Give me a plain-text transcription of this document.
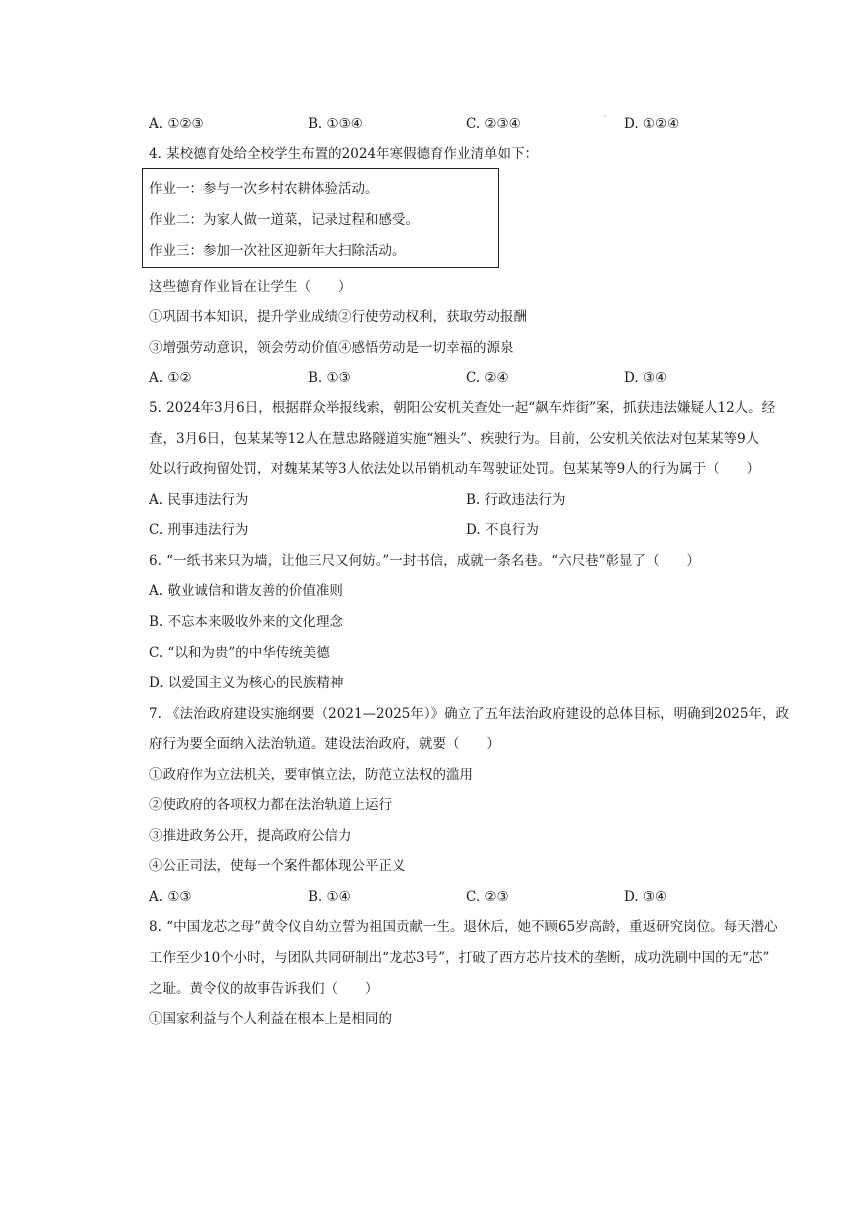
A. ①②③	B. ①③④	C. ②③④	D. ①②④
·
4. 某校德育处给全校学生布置的2024年寒假德育作业清单如下：
作业一：参与一次乡村农耕体验活动。
作业二：为家人做一道菜，记录过程和感受。
作业三：参加一次社区迎新年大扫除活动。
这些德育作业旨在让学生（　　）
①巩固书本知识，提升学业成绩②行使劳动权利，获取劳动报酬
③增强劳动意识，领会劳动价值④感悟劳动是一切幸福的源泉
A. ①②	B. ①③	C. ②④	D. ③④
5. 2024年3月6日，根据群众举报线索，朝阳公安机关查处一起“飙车炸街”案，抓获违法嫌疑人12人。经
查，3月6日，包某某等12人在慧忠路隧道实施“翘头”、疾驶行为。目前，公安机关依法对包某某等9人
处以行政拘留处罚，对魏某某等3人依法处以吊销机动车驾驶证处罚。包某某等9人的行为属于（　　）
A. 民事违法行为	B. 行政违法行为
C. 刑事违法行为	D. 不良行为
6. “一纸书来只为墙，让他三尺又何妨。”一封书信，成就一条名巷。“六尺巷”彰显了（　　）
A. 敬业诚信和谐友善的价值准则
B. 不忘本来吸收外来的文化理念
C. “以和为贵”的中华传统美德
D. 以爱国主义为核心的民族精神
7. 《法治政府建设实施纲要（2021—2025年）》确立了五年法治政府建设的总体目标，明确到2025年，政
府行为要全面纳入法治轨道。建设法治政府，就要（　　）
①政府作为立法机关，要审慎立法，防范立法权的滥用
②使政府的各项权力都在法治轨道上运行
③推进政务公开，提高政府公信力
④公正司法，使每一个案件都体现公平正义
A. ①③	B. ①④	C. ②③	D. ③④
8. “中国龙芯之母”黄令仪自幼立誓为祖国贡献一生。退休后，她不顾65岁高龄，重返研究岗位。每天潜心
工作至少10个小时，与团队共同研制出“龙芯3号”，打破了西方芯片技术的垄断，成功洗刷中国的无“芯”
之耻。黄令仪的故事告诉我们（　　）
①国家利益与个人利益在根本上是相同的
